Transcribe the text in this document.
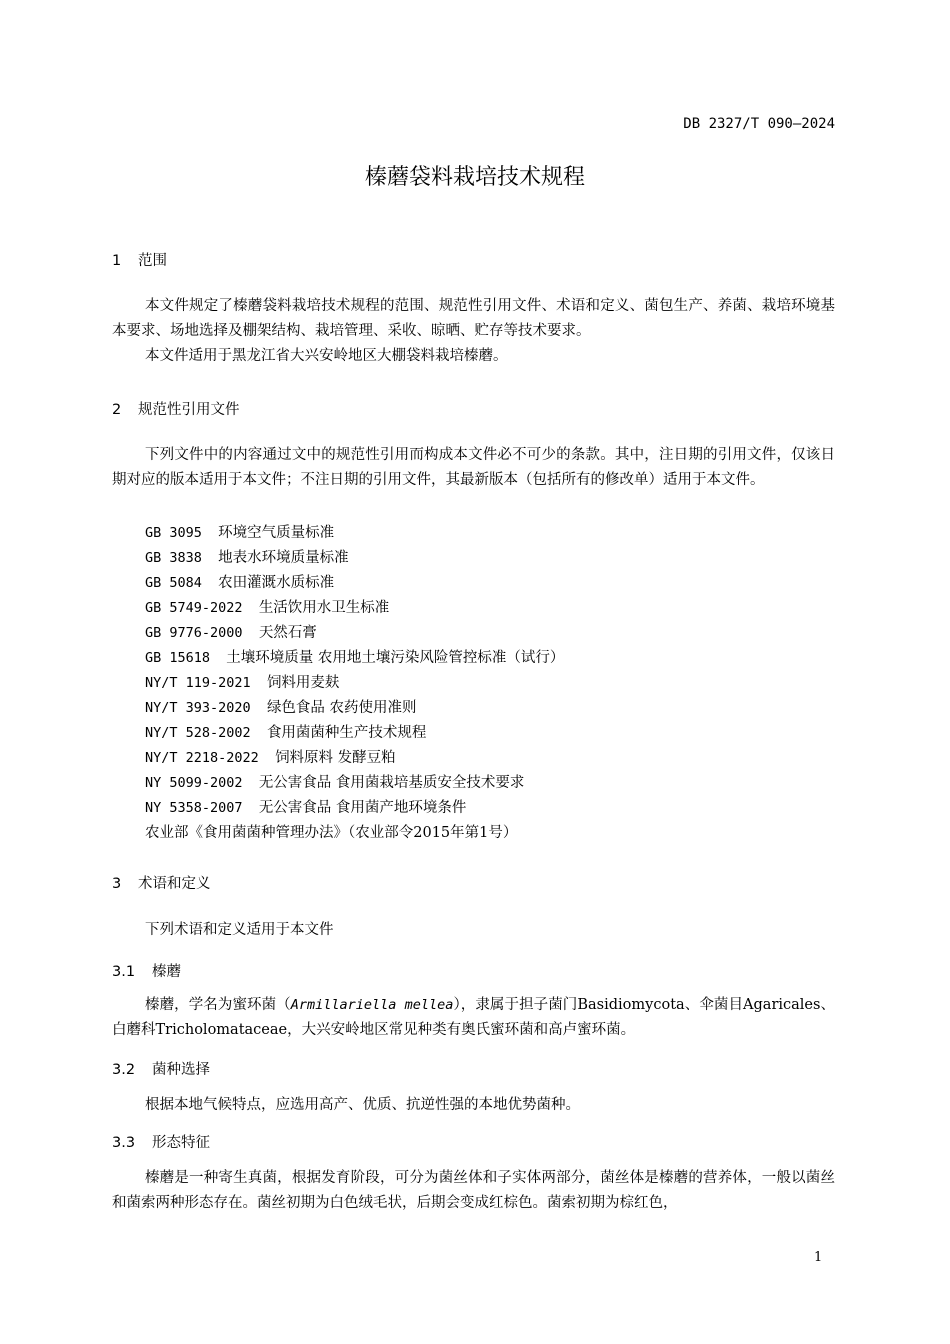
DB 2327/T 090—2024
榛蘑袋料栽培技术规程
1 范围
本文件规定了榛蘑袋料栽培技术规程的范围、规范性引用文件、术语和定义、菌包生产、养菌、栽培环境基本要求、场地选择及棚架结构、栽培管理、采收、晾晒、贮存等技术要求。
本文件适用于黑龙江省大兴安岭地区大棚袋料栽培榛蘑。
2 规范性引用文件
下列文件中的内容通过文中的规范性引用而构成本文件必不可少的条款。其中，注日期的引用文件，仅该日期对应的版本适用于本文件；不注日期的引用文件，其最新版本（包括所有的修改单）适用于本文件。
GB 3095 环境空气质量标准
GB 3838 地表水环境质量标准
GB 5084 农田灌溉水质标准
GB 5749-2022 生活饮用水卫生标准
GB 9776-2000 天然石膏
GB 15618 土壤环境质量 农用地土壤污染风险管控标准（试行）
NY/T 119-2021 饲料用麦麸
NY/T 393-2020 绿色食品 农药使用准则
NY/T 528-2002 食用菌菌种生产技术规程
NY/T 2218-2022 饲料原料 发酵豆粕
NY 5099-2002 无公害食品 食用菌栽培基质安全技术要求
NY 5358-2007 无公害食品 食用菌产地环境条件
农业部《食用菌菌种管理办法》（农业部令2015年第1号）
3 术语和定义
下列术语和定义适用于本文件
3.1 榛蘑
榛蘑，学名为蜜环菌（Armillariella mellea），隶属于担子菌门Basidiomycota、伞菌目Agaricales、白蘑科Tricholomataceae，大兴安岭地区常见种类有奥氏蜜环菌和高卢蜜环菌。
3.2 菌种选择
根据本地气候特点，应选用高产、优质、抗逆性强的本地优势菌种。
3.3 形态特征
榛蘑是一种寄生真菌，根据发育阶段，可分为菌丝体和子实体两部分，菌丝体是榛蘑的营养体，一般以菌丝和菌索两种形态存在。菌丝初期为白色绒毛状，后期会变成红棕色。菌索初期为棕红色，
1
